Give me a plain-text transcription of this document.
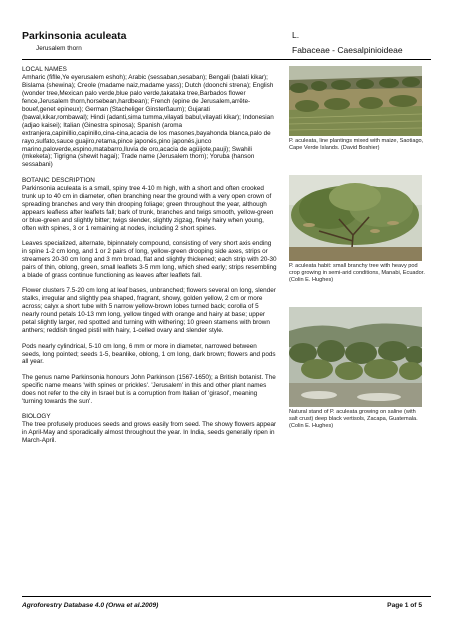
Parkinsonia aculeata
Jerusalem thorn
L.
Fabaceae - Caesalpinioideae
LOCAL NAMES

Amharic (fiflle,Ye eyerusalem eshoh); Arabic (sessaban,sesaban); Bengali (balati kikar); Bislama (shewina); Creole (madame naiz,madame yass); Dutch (doonchi strena); English (wonder tree,Mexican palo verde,blue palo verde,takataka tree,Barbados flower fence,Jerusalem thorn,horsebean,hardbean); French (epine de Jerusalem,arrête-bouef,genet epineux); German (Stacheliger Ginsterßaum); Gujarati (bawal,kikar,rombawal); Hindi (adanti,sima tumma,vilayati babul,vilayati kikar); Indonesian (adjao kaisei); Italian (Ginestra spinosa); Spanish (aroma extranjera,capinillio,capinillo,cina-cina,acacia de los masones,bayahonda blanca,palo de rayo,sulfato,sauce guajiro,retama,pince japonés,pino japonés,junco marino,paloverde,espino,matabarro,lluvia de oro,acacia de agüijote,pauji); Swahili (mkeketa); Tigrigna (shewit hagai); Trade name (Jerusalem thorn); Yoruba (hanson sessabani)

BOTANIC DESCRIPTION

Parkinsonia aculeata is a small, spiny tree 4-10 m high, with a short and often crooked trunk up to 40 cm in diameter, often branching near the ground with a very open crown of spreading branches and very thin drooping foliage; green throughout the year, although appears leafless after leaflets fall; bark of trunk, branches and twigs smooth, yellow-green or blue-green and slightly bitter; twigs slender, slightly zigzag, finely hairy when young, often with spines, 3 or 1 remaining at nodes, including 2 short spines.

Leaves specialized, alternate, bipinnately compound, consisting of very short axis ending in spine 1-2 cm long, and 1 or 2 pairs of long, yellow-green drooping side axes, strips or streamers 20-30 cm long and 3 mm broad, flat and slightly thickened; each strip with 20-30 pairs of thin, oblong, green, small leaflets 3-5 mm long, which shed early; strips resembling a blade of grass continue functioning as leaves after leaflets fall.

Flower clusters 7.5-20 cm long at leaf bases, unbranched; flowers several on long, slender stalks, irregular and slightly pea shaped, fragrant, showy, golden yellow, 2 cm or more across; calyx a short tube with 5 narrow yellow-brown lobes turned back; corolla of 5 nearly round petals 10-13 mm long, yellow tinged with orange and hairy at base; upper petal slightly larger, red spotted and turning with withering; 10 green stamens with brown anthers; reddish tinged pistil with hairy, 1-celled ovary and slender style.

Pods nearly cylindrical, 5-10 cm long, 6 mm or more in diameter, narrowed between seeds, long pointed; seeds 1-5, beanlike, oblong, 1 cm long, dark brown; flowers and pods all year.

The genus name Parkinsonia honours John Parkinson (1567-1650); a British botanist. The specific name means 'with spines or prickles'. 'Jerusalem' in this and other plant names does not refer to the city in Israel but is a corruption from Italian of 'girasol', meaning 'turning towards the sun'.

BIOLOGY

The tree profusely produces seeds and grows easily from seed. The showy flowers appear in April-May and sporadically almost throughout the year. In India, seeds generally ripen in March-April.

P. aculeata, line plantings mixed with maize, Saotiago, Cape Verde Islands. (David Boshier)
P. aculeata habit: small branchy tree with heavy pod crop growing in semi-arid conditions, Manabi, Ecuador. (Colin E. Hughes)
Natural stand of P. aculeata growing on saline (with salt crust) deep black vertisols, Zacapa, Guatemala. (Colin E. Hughes)
Agroforestry Database 4.0 (Orwa et al.2009)	Page 1 of 5
